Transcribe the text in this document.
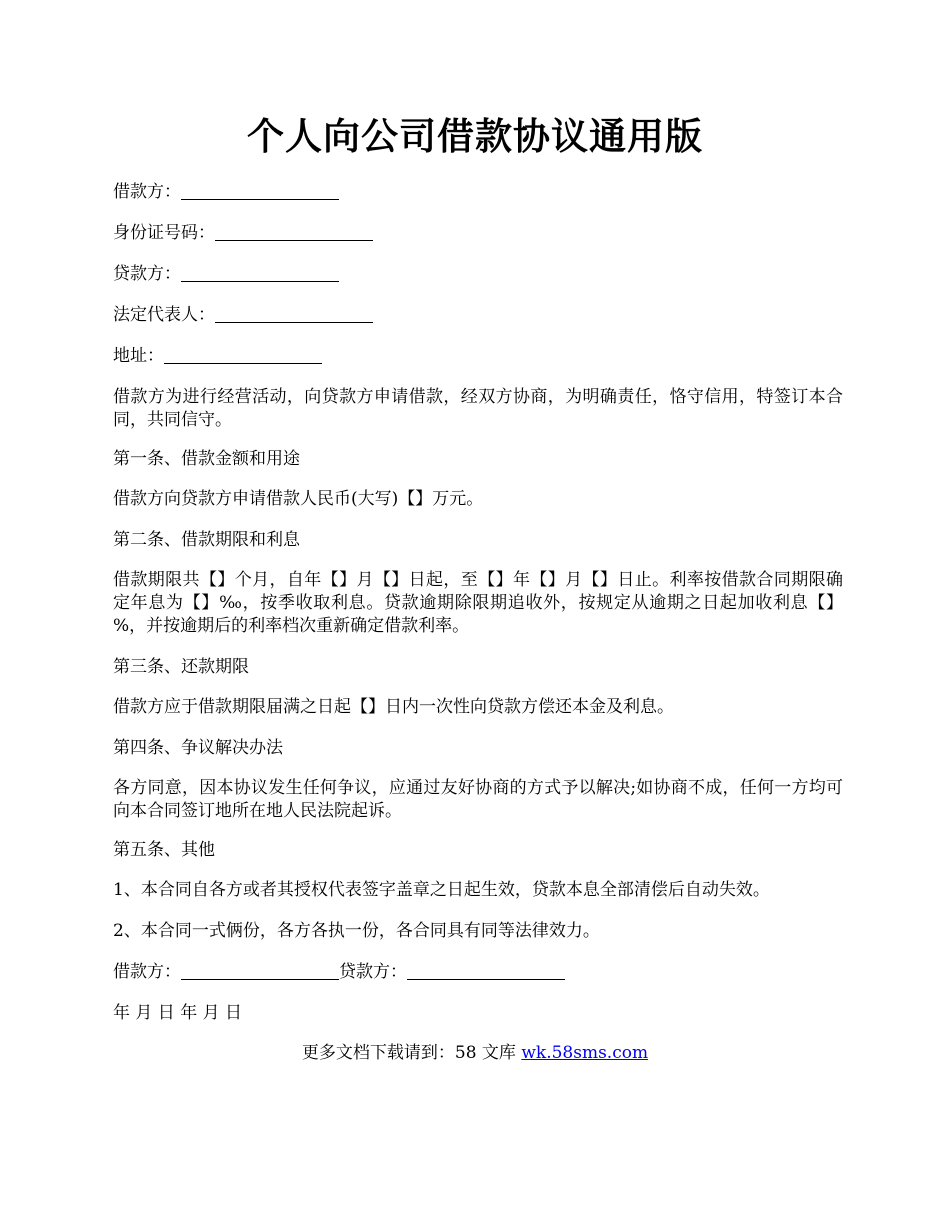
个人向公司借款协议通用版
借款方：
身份证号码：
贷款方：
法定代表人：
地址：
借款方为进行经营活动，向贷款方申请借款，经双方协商，为明确责任，恪守信用，特签订本合同，共同信守。
第一条、借款金额和用途
借款方向贷款方申请借款人民币(大写)【】万元。
第二条、借款期限和利息
借款期限共【】个月，自年【】月【】日起，至【】年【】月【】日止。利率按借款合同期限确定年息为【】‰，按季收取利息。贷款逾期除限期追收外，按规定从逾期之日起加收利息【】%，并按逾期后的利率档次重新确定借款利率。
第三条、还款期限
借款方应于借款期限届满之日起【】日内一次性向贷款方偿还本金及利息。
第四条、争议解决办法
各方同意，因本协议发生任何争议，应通过友好协商的方式予以解决;如协商不成，任何一方均可向本合同签订地所在地人民法院起诉。
第五条、其他
1、本合同自各方或者其授权代表签字盖章之日起生效，贷款本息全部清偿后自动失效。
2、本合同一式俩份，各方各执一份，各合同具有同等法律效力。
借款方：	贷款方：
年 月 日 年 月 日
更多文档下载请到：58 文库 wk.58sms.com
